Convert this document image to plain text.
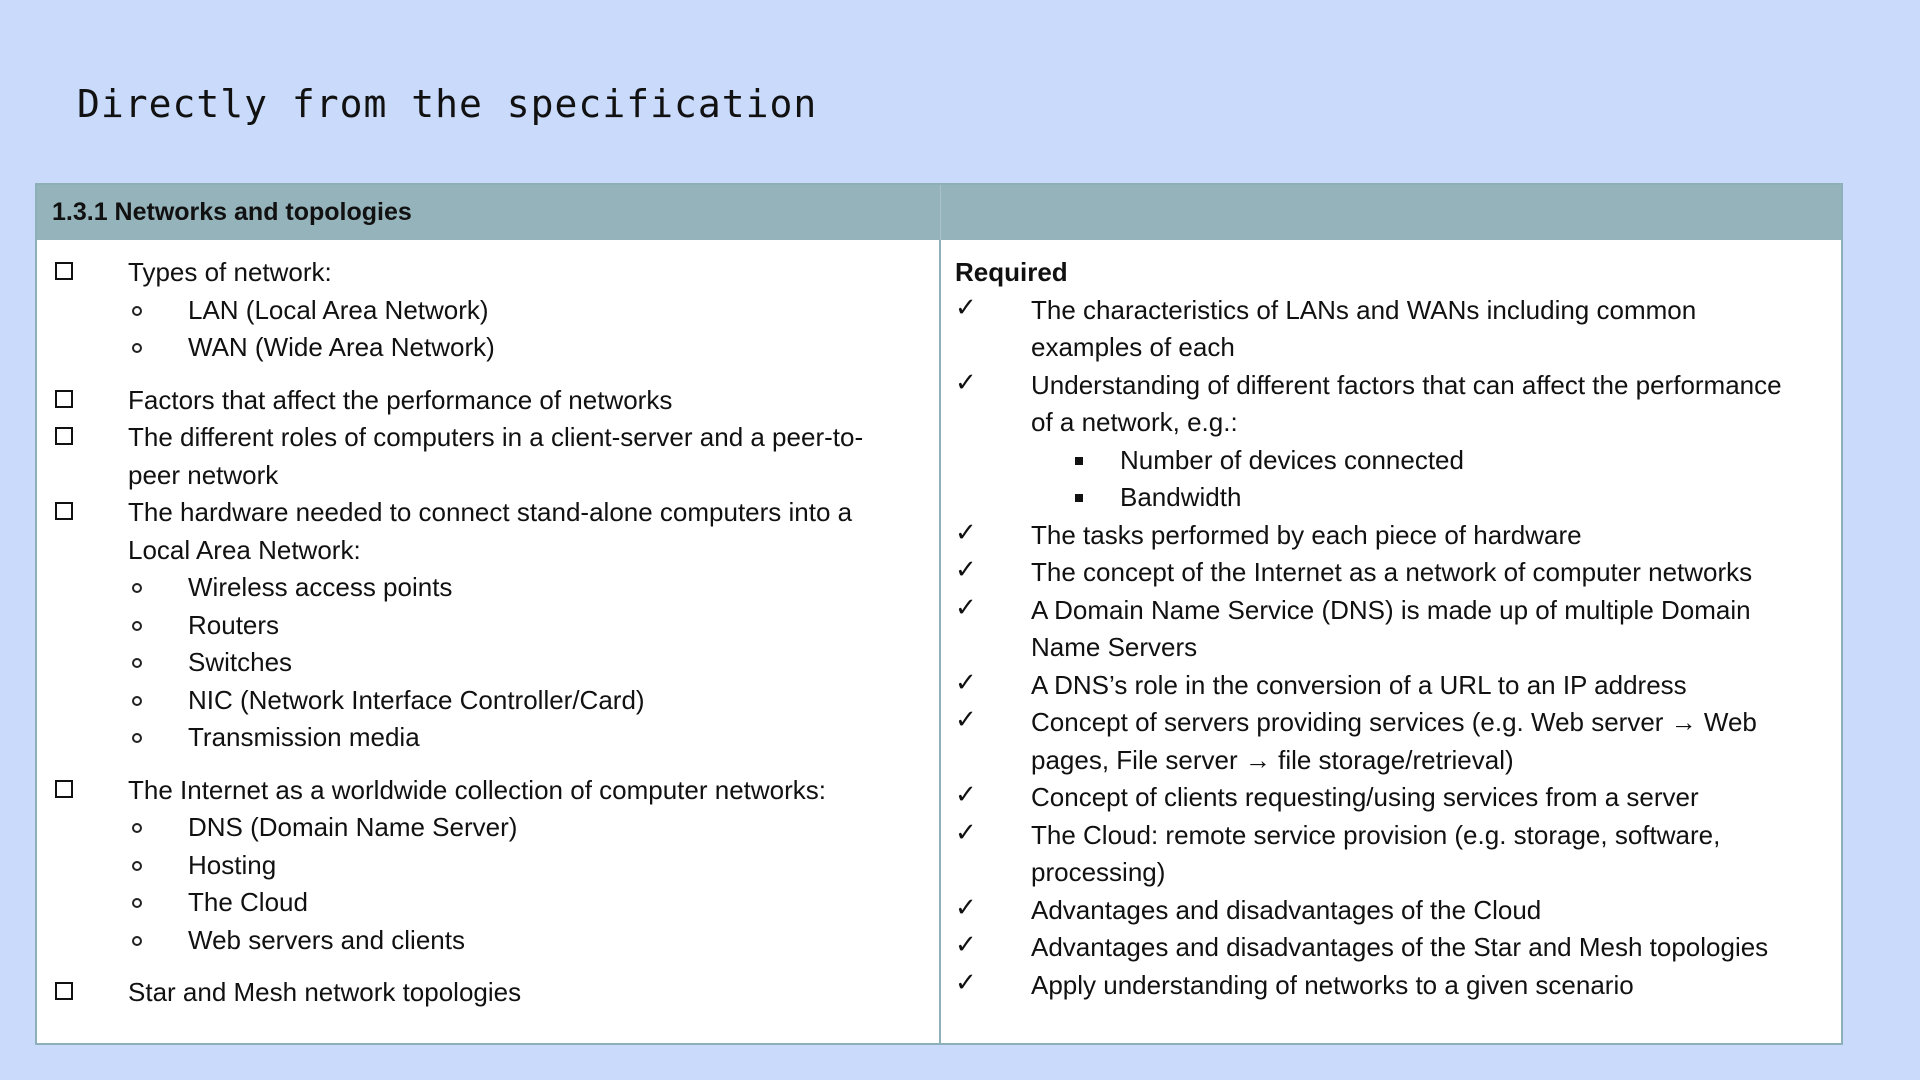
Directly from the specification
1.3.1 Networks and topologies
Types of network:
LAN (Local Area Network)
WAN (Wide Area Network)
Factors that affect the performance of networks
The different roles of computers in a client-server and a peer-to-
peer network
The hardware needed to connect stand-alone computers into a
Local Area Network:
Wireless access points
Routers
Switches
NIC (Network Interface Controller/Card)
Transmission media
The Internet as a worldwide collection of computer networks:
DNS (Domain Name Server)
Hosting
The Cloud
Web servers and clients
Star and Mesh network topologies
Required
✓ The characteristics of LANs and WANs including common
examples of each
✓ Understanding of different factors that can affect the performance
of a network, e.g.:
Number of devices connected
Bandwidth
✓ The tasks performed by each piece of hardware
✓ The concept of the Internet as a network of computer networks
✓ A Domain Name Service (DNS) is made up of multiple Domain
Name Servers
✓ A DNS’s role in the conversion of a URL to an IP address
✓ Concept of servers providing services (e.g. Web server → Web
pages, File server → file storage/retrieval)
✓ Concept of clients requesting/using services from a server
✓ The Cloud: remote service provision (e.g. storage, software,
processing)
✓ Advantages and disadvantages of the Cloud
✓ Advantages and disadvantages of the Star and Mesh topologies
✓ Apply understanding of networks to a given scenario
